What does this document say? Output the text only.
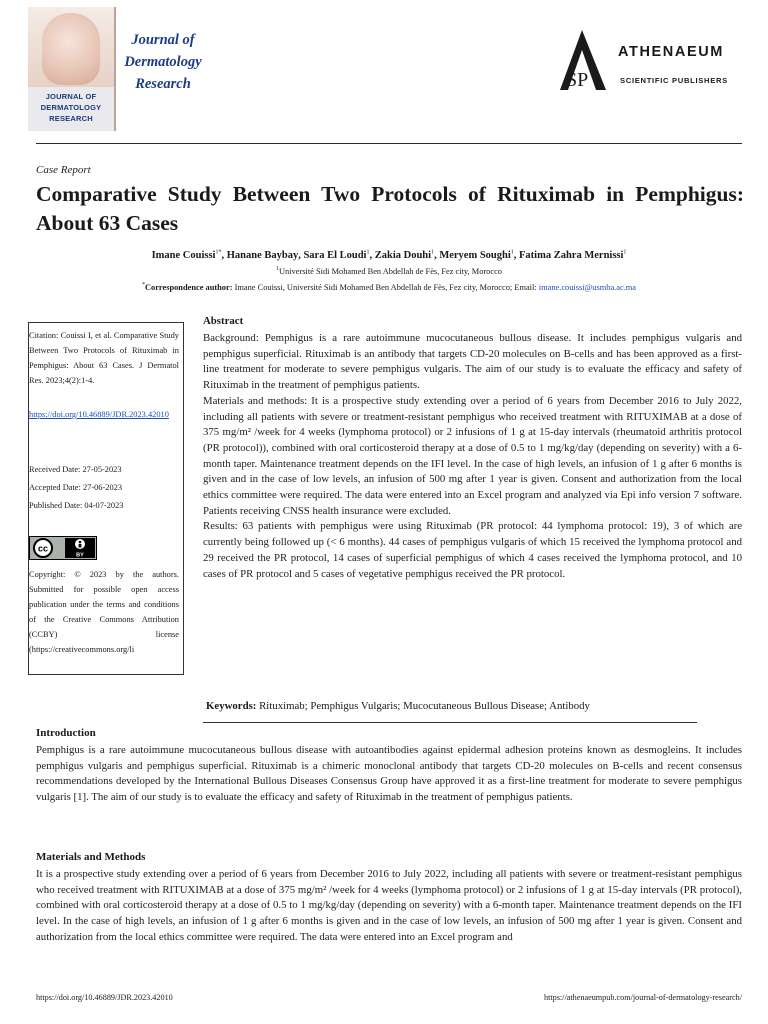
JOURNAL OF
DERMATOLOGY
RESEARCH
Journal of
Dermatology
Research	SP
ATHENAEUM
SCIENTIFIC PUBLISHERS
Case Report
Comparative Study Between Two Protocols of Rituximab in Pemphigus: About 63 Cases
Imane Couissi$^{1*}$, Hanane Baybay, Sara El Loudi$^1$, Zakia Douhi$^1$, Meryem Soughi$^1$, Fatima Zahra Mernissi$^1$
$^1$Université Sidi Mohamed Ben Abdellah de Fès, Fez city, Morocco
*Correspondence author: Imane Couissi, Université Sidi Mohamed Ben Abdellah de Fès, Fez city, Morocco; Email: imane.couissi@usmba.ac.ma
Citation: Couissi I, et al. Comparative Study Between Two Protocols of Rituximab in Pemphigus: About 63 Cases. J Dermatol Res. 2023;4(2):1-4.
https://doi.org/10.46889/JDR.2023.42010
Received Date: 27-05-2023
Accepted Date: 27-06-2023
Published Date: 04-07-2023
cc
BY
Copyright: © 2023 by the authors. Submitted for possible open access publication under the terms and conditions of the Creative Commons Attribution (CCBY) license (https://creativecommons.org/li
Abstract

Background: Pemphigus is a rare autoimmune mucocutaneous bullous disease. It includes pemphigus vulgaris and pemphigus superficial. Rituximab is an antibody that targets CD-20 molecules on B-cells and has been approved as a first-line treatment for moderate to severe pemphigus vulgaris. The aim of our study is to evaluate the efficacy and safety of Rituximab in the treatment of pemphigus patients.

Materials and methods: It is a prospective study extending over a period of 6 years from December 2016 to July 2022, including all patients with severe or treatment-resistant pemphigus who received treatment with RITUXIMAB at a dose of 375 mg/m² /week for 4 weeks (lymphoma protocol) or 2 infusions of 1 g at 15-day intervals (rheumatoid arthritis protocol (PR protocol)), combined with oral corticosteroid therapy at a dose of 0.5 to 1 mg/kg/day (depending on severity) with a 6-month taper. Maintenance treatment depends on the IFI level. In the case of high levels, an infusion of 1 g after 6 months is given and in the case of low levels, an infusion of 500 mg after 1 year is given. Consent and authorization from the local ethics committee were required. The data were entered into an Excel program and analyzed via Epi info version 7 software. Patients receiving CNSS health insurance were excluded.

Results: 63 patients with pemphigus were using Rituximab (PR protocol: 44 lymphoma protocol: 19), 3 of which are currently being followed up (< 6 months). 44 cases of pemphigus vulgaris of which 15 received the lymphoma protocol and 29 received the PR protocol, 14 cases of superficial pemphigus of which 4 cases received the lymphoma protocol, and 10 cases of PR protocol and 5 cases of vegetative pemphigus received the PR protocol.

Keywords: Rituximab; Pemphigus Vulgaris; Mucocutaneous Bullous Disease; Antibody
Introduction

Pemphigus is a rare autoimmune mucocutaneous bullous disease with autoantibodies against epidermal adhesion proteins known as desmogleins. It includes pemphigus vulgaris and pemphigus superficial. Rituximab is a chimeric monoclonal antibody that targets CD-20 molecules on B-cells and recent consensus recommendations developed by the International Bullous Diseases Consensus Group have approved it as a first-line treatment for moderate to severe pemphigus vulgaris [1]. The aim of our study is to evaluate the efficacy and safety of Rituximab in the treatment of pemphigus patients.

Materials and Methods

It is a prospective study extending over a period of 6 years from December 2016 to July 2022, including all patients with severe or treatment-resistant pemphigus who received treatment with RITUXIMAB at a dose of 375 mg/m² /week for 4 weeks (lymphoma protocol) or 2 infusions of 1 g at 15-day intervals (PR protocol), combined with oral corticosteroid therapy at a dose of 0.5 to 1 mg/kg/day (depending on severity) with a 6-month taper. Maintenance treatment depends on the IFI level. In the case of high levels, an infusion of 1 g after 6 months is given and in the case of low levels, an infusion of 500 mg after 1 year is given. Consent and authorization from the local ethics committee were required. The data were entered into an Excel program and

https://doi.org/10.46889/JDR.2023.42010	https://athenaeumpub.com/journal-of-dermatology-research/
